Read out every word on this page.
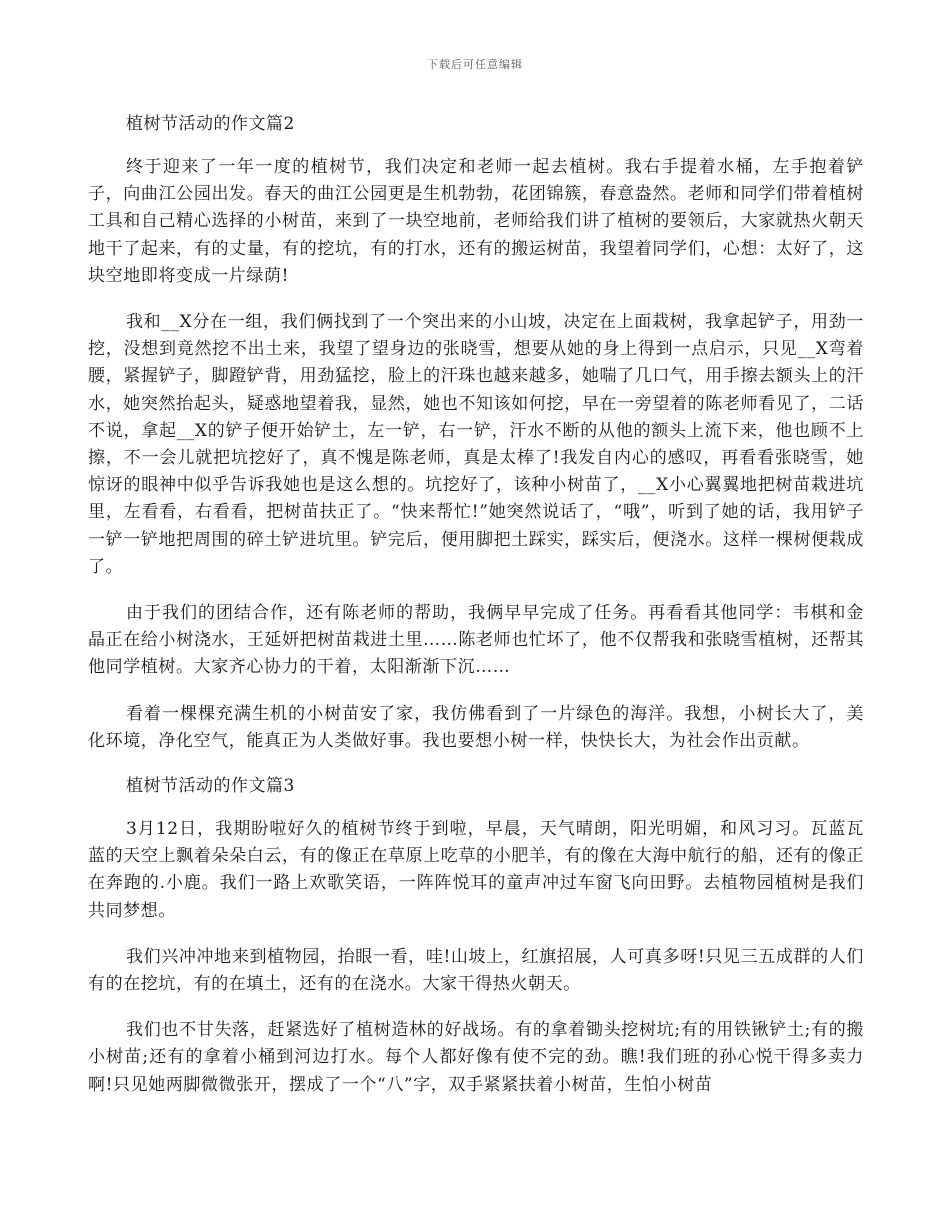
下载后可任意编辑
植树节活动的作文篇2

终于迎来了一年一度的植树节，我们决定和老师一起去植树。我右手提着水桶，左手抱着铲子，向曲江公园出发。春天的曲江公园更是生机勃勃，花团锦簇，春意盎然。老师和同学们带着植树工具和自己精心选择的小树苗，来到了一块空地前，老师给我们讲了植树的要领后，大家就热火朝天地干了起来，有的丈量，有的挖坑，有的打水，还有的搬运树苗，我望着同学们，心想：太好了，这块空地即将变成一片绿荫!

我和__X分在一组，我们俩找到了一个突出来的小山坡，决定在上面栽树，我拿起铲子，用劲一挖，没想到竟然挖不出土来，我望了望身边的张晓雪，想要从她的身上得到一点启示，只见__X弯着腰，紧握铲子，脚蹬铲背，用劲猛挖，脸上的汗珠也越来越多，她喘了几口气，用手擦去额头上的汗水，她突然抬起头，疑惑地望着我，显然，她也不知该如何挖，早在一旁望着的陈老师看见了，二话不说，拿起__X的铲子便开始铲土，左一铲，右一铲，汗水不断的从他的额头上流下来，他也顾不上擦，不一会儿就把坑挖好了，真不愧是陈老师，真是太棒了!我发自内心的感叹，再看看张晓雪，她惊讶的眼神中似乎告诉我她也是这么想的。坑挖好了，该种小树苗了，__X小心翼翼地把树苗栽进坑里，左看看，右看看，把树苗扶正了。“快来帮忙!”她突然说话了，“哦”，听到了她的话，我用铲子一铲一铲地把周围的碎土铲进坑里。铲完后，便用脚把土踩实，踩实后，便浇水。这样一棵树便栽成了。

由于我们的团结合作，还有陈老师的帮助，我俩早早完成了任务。再看看其他同学：韦棋和金晶正在给小树浇水，王延妍把树苗栽进土里……陈老师也忙坏了，他不仅帮我和张晓雪植树，还帮其他同学植树。大家齐心协力的干着，太阳渐渐下沉……

看着一棵棵充满生机的小树苗安了家，我仿佛看到了一片绿色的海洋。我想，小树长大了，美化环境，净化空气，能真正为人类做好事。我也要想小树一样，快快长大，为社会作出贡献。

植树节活动的作文篇3

3月12日，我期盼啦好久的植树节终于到啦，早晨，天气晴朗，阳光明媚，和风习习。瓦蓝瓦蓝的天空上飘着朵朵白云，有的像正在草原上吃草的小肥羊，有的像在大海中航行的船，还有的像正在奔跑的.小鹿。我们一路上欢歌笑语，一阵阵悦耳的童声冲过车窗飞向田野。去植物园植树是我们共同梦想。

我们兴冲冲地来到植物园，抬眼一看，哇!山坡上，红旗招展，人可真多呀!只见三五成群的人们有的在挖坑，有的在填土，还有的在浇水。大家干得热火朝天。

我们也不甘失落，赶紧选好了植树造林的好战场。有的拿着锄头挖树坑;有的用铁锹铲土;有的搬小树苗;还有的拿着小桶到河边打水。每个人都好像有使不完的劲。瞧!我们班的孙心悦干得多卖力啊!只见她两脚微微张开，摆成了一个“八”字，双手紧紧扶着小树苗，生怕小树苗
